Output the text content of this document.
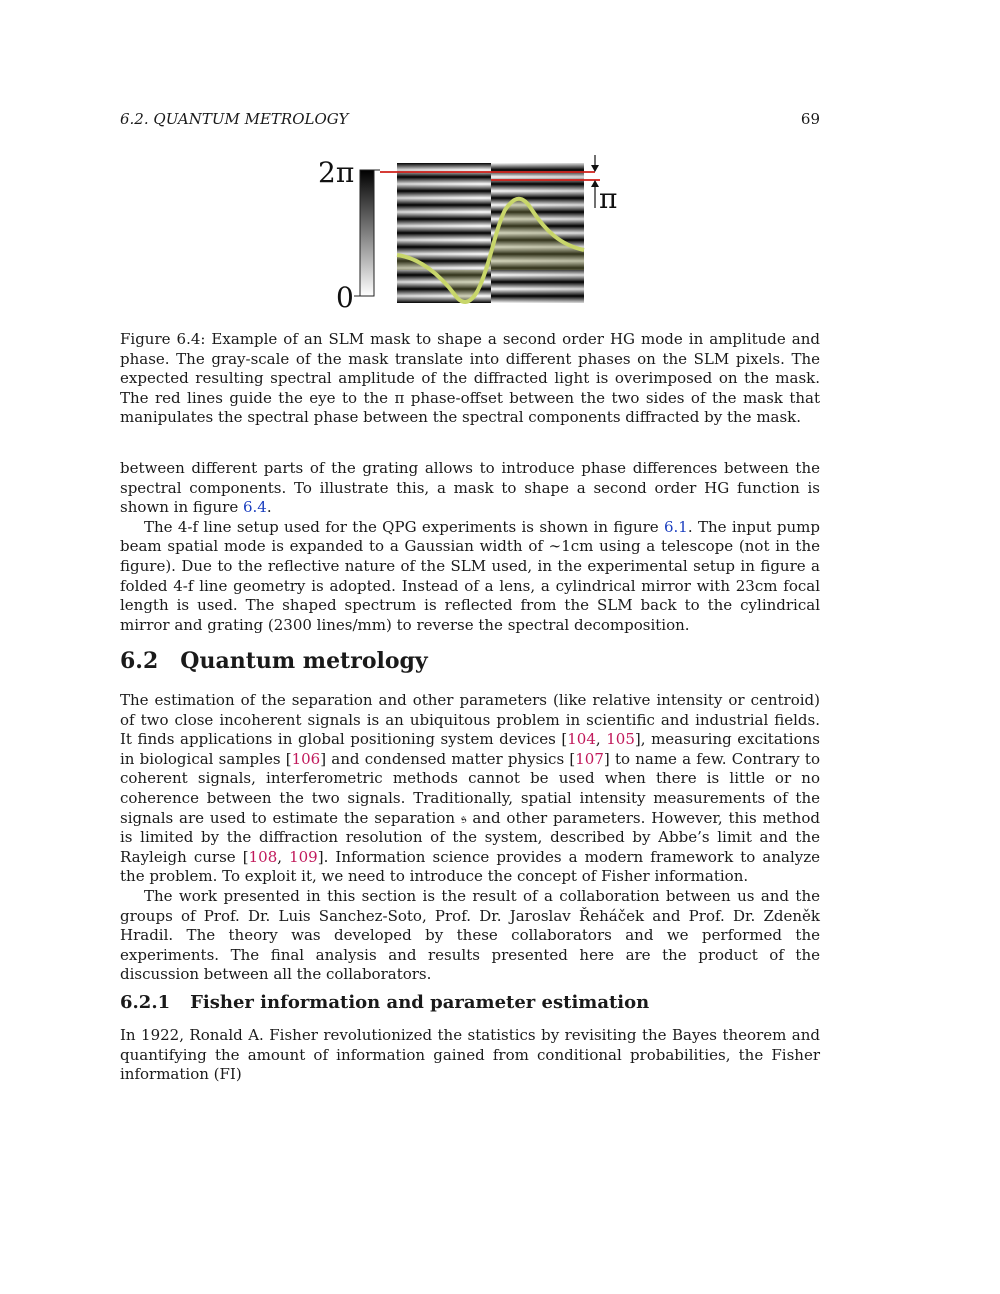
6.2. QUANTUM METROLOGY	69
2π
0
π
Figure 6.4: Example of an SLM mask to shape a second order HG mode in amplitude and phase. The gray-scale of the mask translate into different phases on the SLM pixels. The expected resulting spectral amplitude of the diffracted light is overimposed on the mask. The red lines guide the eye to the π phase-offset between the two sides of the mask that manipulates the spectral phase between the spectral components diffracted by the mask.

between different parts of the grating allows to introduce phase differences between the spectral components. To illustrate this, a mask to shape a second order HG function is shown in figure 6.4.

The 4-f line setup used for the QPG experiments is shown in figure 6.1. The input pump beam spatial mode is expanded to a Gaussian width of ∼1cm using a telescope (not in the figure). Due to the reflective nature of the SLM used, in the experimental setup in figure a folded 4-f line geometry is adopted. Instead of a lens, a cylindrical mirror with 23cm focal length is used. The shaped spectrum is reflected from the SLM back to the cylindrical mirror and grating (2300 lines/mm) to reverse the spectral decomposition.

6.2 Quantum metrology

The estimation of the separation and other parameters (like relative intensity or centroid) of two close incoherent signals is an ubiquitous problem in scientific and industrial fields. It finds applications in global positioning system devices [104, 105], measuring excitations in biological samples [106] and condensed matter physics [107] to name a few. Contrary to coherent signals, interferometric methods cannot be used when there is little or no coherence between the two signals. Traditionally, spatial intensity measurements of the signals are used to estimate the separation 𝔰 and other parameters. However, this method is limited by the diffraction resolution of the system, described by Abbe’s limit and the Rayleigh curse [108, 109]. Information science provides a modern framework to analyze the problem. To exploit it, we need to introduce the concept of Fisher information.

The work presented in this section is the result of a collaboration between us and the groups of Prof. Dr. Luis Sanchez-Soto, Prof. Dr. Jaroslav Řeháček and Prof. Dr. Zdeněk Hradil. The theory was developed by these collaborators and we performed the experiments. The final analysis and results presented here are the product of the discussion between all the collaborators.

6.2.1 Fisher information and parameter estimation

In 1922, Ronald A. Fisher revolutionized the statistics by revisiting the Bayes theorem and quantifying the amount of information gained from conditional probabilities, the Fisher information (FI)
